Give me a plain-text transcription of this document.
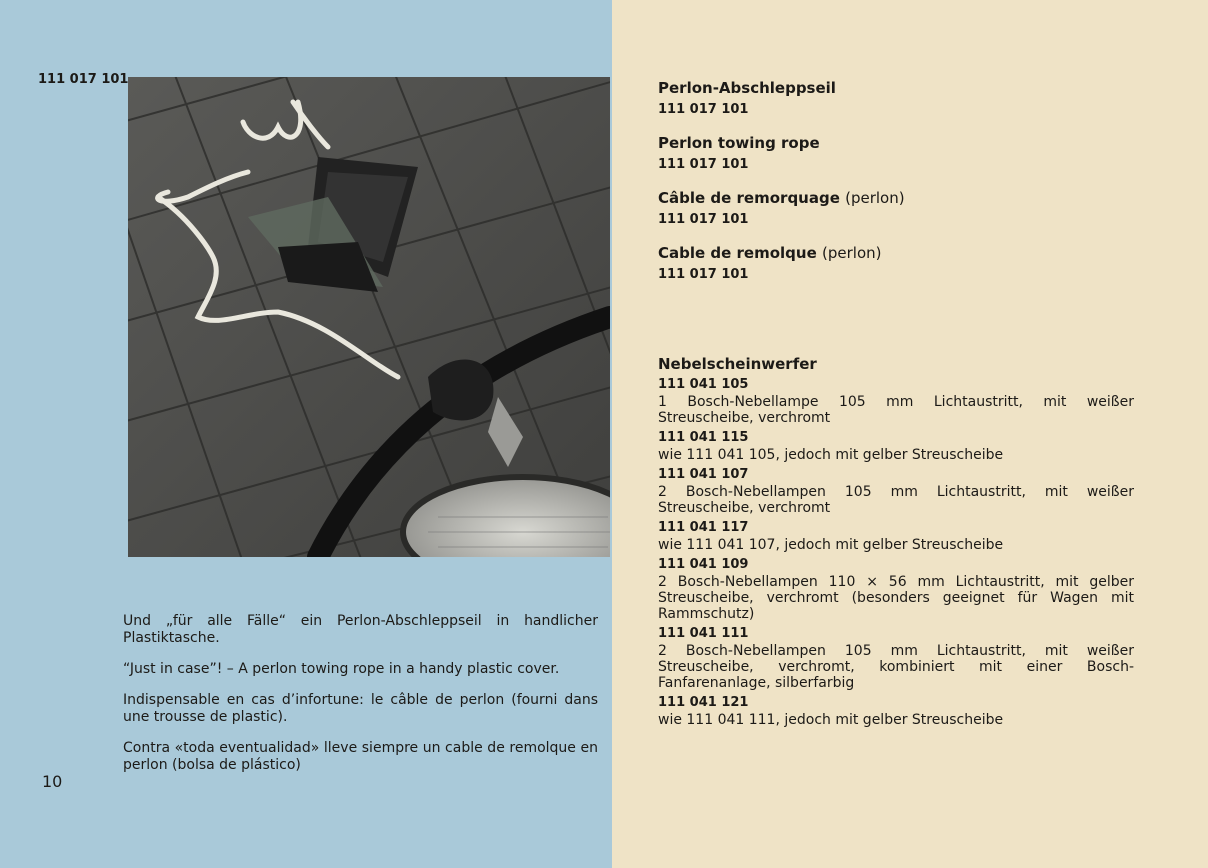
111 017 101

Und „für alle Fälle“ ein Perlon-Abschleppseil in handlicher Plastiktasche.

“Just in case”! – A perlon towing rope in a handy plastic cover.

Indispensable en cas d’infortune: le câble de perlon (fourni dans une trousse de plastic).

Contra «toda eventualidad» lleve siempre un cable de remolque en perlon (bolsa de plástico)

10
Perlon-Abschleppseil
111 017 101
Perlon towing rope
111 017 101
Câble de remorquage (perlon)
111 017 101
Cable de remolque (perlon)
111 017 101
Nebelscheinwerfer
111 041 105
1 Bosch-Nebellampe 105 mm Lichtaustritt, mit weißer Streuscheibe, verchromt
111 041 115
wie 111 041 105, jedoch mit gelber Streuscheibe
111 041 107
2 Bosch-Nebellampen 105 mm Lichtaustritt, mit weißer Streuscheibe, verchromt
111 041 117
wie 111 041 107, jedoch mit gelber Streuscheibe
111 041 109
2 Bosch-Nebellampen 110 × 56 mm Lichtaustritt, mit gelber Streuscheibe, verchromt (besonders geeignet für Wagen mit Rammschutz)
111 041 111
2 Bosch-Nebellampen 105 mm Lichtaustritt, mit weißer Streuscheibe, verchromt, kombiniert mit einer Bosch-Fanfarenanlage, silberfarbig
111 041 121
wie 111 041 111, jedoch mit gelber Streuscheibe
